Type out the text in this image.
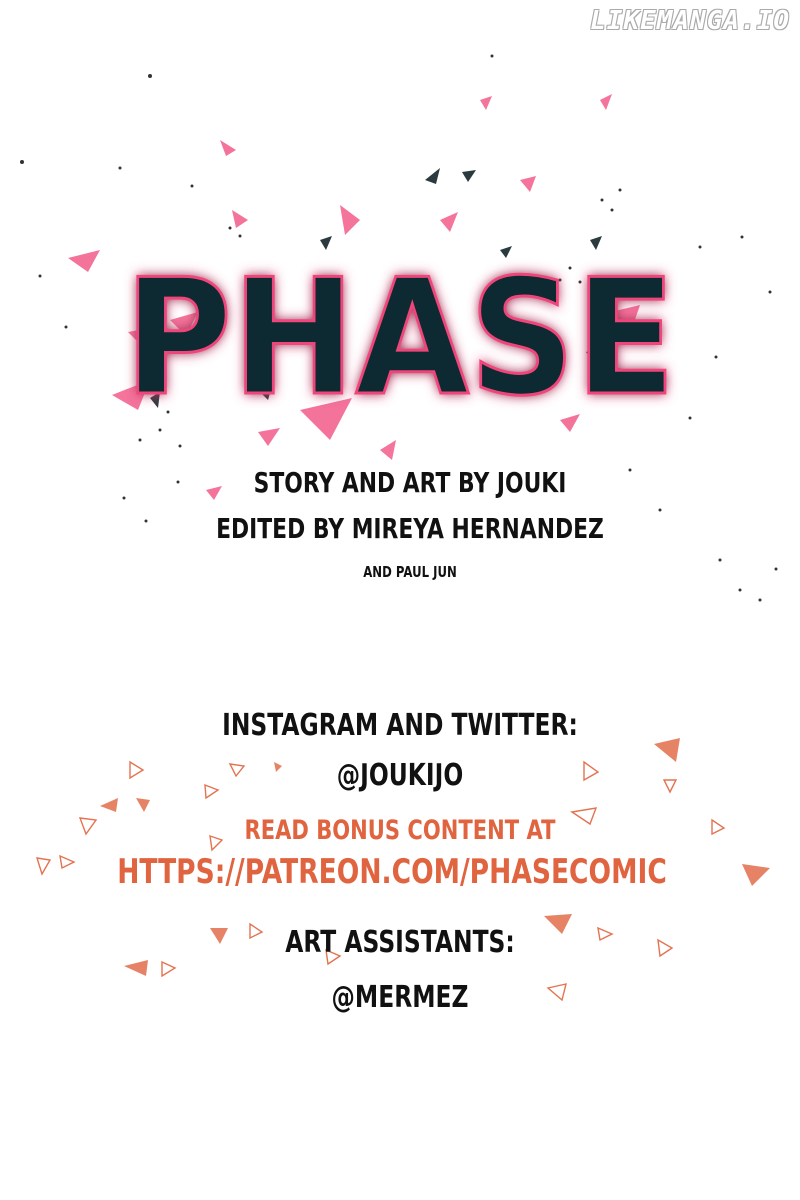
LIKEMANGA.IO
PHASE
STORY AND ART BY JOUKI
EDITED BY MIREYA HERNANDEZ
AND PAUL JUN
INSTAGRAM AND TWITTER:
@JOUKIJO
READ BONUS CONTENT AT
HTTPS://PATREON.COM/PHASECOMIC
ART ASSISTANTS:
@MERMEZ
